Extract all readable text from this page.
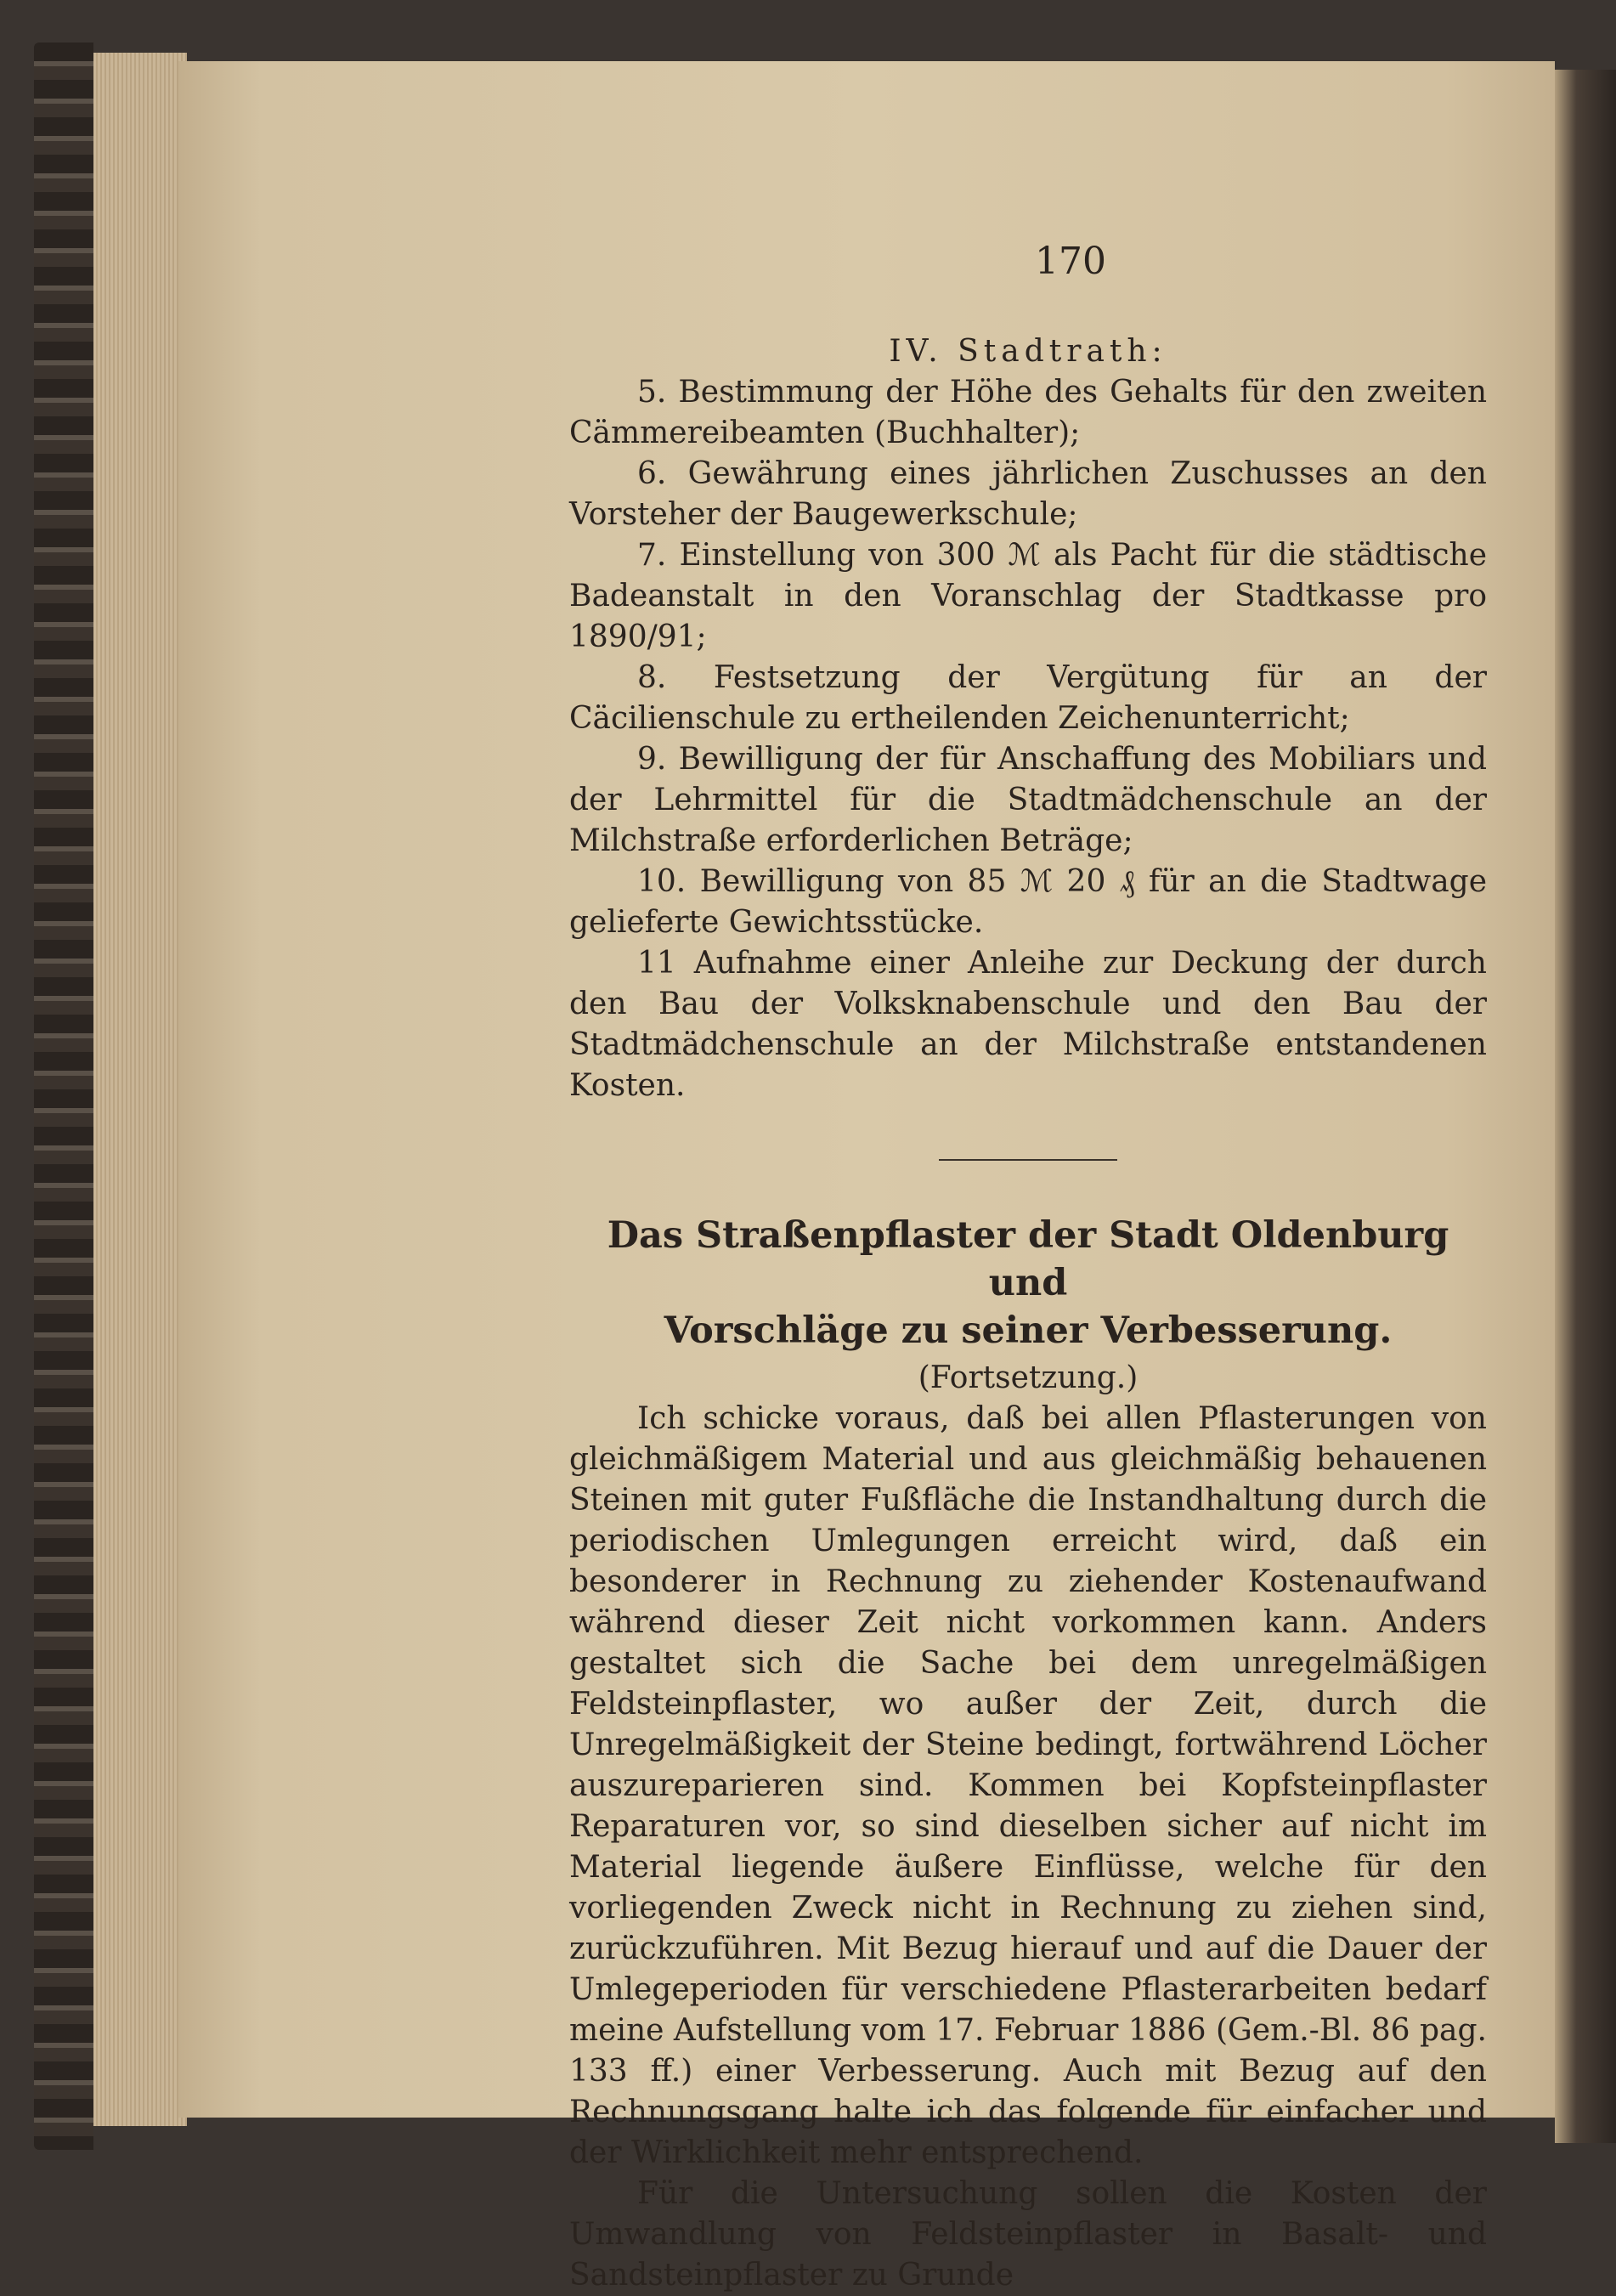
170
IV. Stadtrath:

5. Bestimmung der Höhe des Gehalts für den zweiten Cämmereibeamten (Buchhalter);

6. Gewährung eines jährlichen Zuschusses an den Vorsteher der Baugewerkschule;

7. Einstellung von 300 ℳ als Pacht für die städtische Badeanstalt in den Voranschlag der Stadtkasse pro 1890/91;

8. Festsetzung der Vergütung für an der Cäcilienschule zu ertheilenden Zeichenunterricht;

9. Bewilligung der für Anschaffung des Mobiliars und der Lehrmittel für die Stadtmädchenschule an der Milchstraße erforderlichen Beträge;

10. Bewilligung von 85 ℳ 20 ₰ für an die Stadtwage gelieferte Gewichtsstücke.

11 Aufnahme einer Anleihe zur Deckung der durch den Bau der Volksknabenschule und den Bau der Stadtmädchenschule an der Milchstraße entstandenen Kosten.

Das Straßenpflaster der Stadt Oldenburg und

Vorschläge zu seiner Verbesserung.

(Fortsetzung.)

Ich schicke voraus, daß bei allen Pflasterungen von gleichmäßigem Material und aus gleichmäßig behauenen Steinen mit guter Fußfläche die Instandhaltung durch die periodischen Umlegungen erreicht wird, daß ein besonderer in Rechnung zu ziehender Kostenaufwand während dieser Zeit nicht vorkommen kann. Anders gestaltet sich die Sache bei dem unregelmäßigen Feldsteinpflaster, wo außer der Zeit, durch die Unregelmäßigkeit der Steine bedingt, fortwährend Löcher auszureparieren sind. Kommen bei Kopfsteinpflaster Reparaturen vor, so sind dieselben sicher auf nicht im Material liegende äußere Einflüsse, welche für den vorliegenden Zweck nicht in Rechnung zu ziehen sind, zurückzuführen. Mit Bezug hierauf und auf die Dauer der Umlegeperioden für verschiedene Pflasterarbeiten bedarf meine Aufstellung vom 17. Februar 1886 (Gem.-Bl. 86 pag. 133 ff.) einer Verbesserung. Auch mit Bezug auf den Rechnungsgang halte ich das folgende für einfacher und der Wirklichkeit mehr entsprechend.

Für die Untersuchung sollen die Kosten der Umwandlung von Feldsteinpflaster in Basalt- und Sandsteinpflaster zu Grunde
